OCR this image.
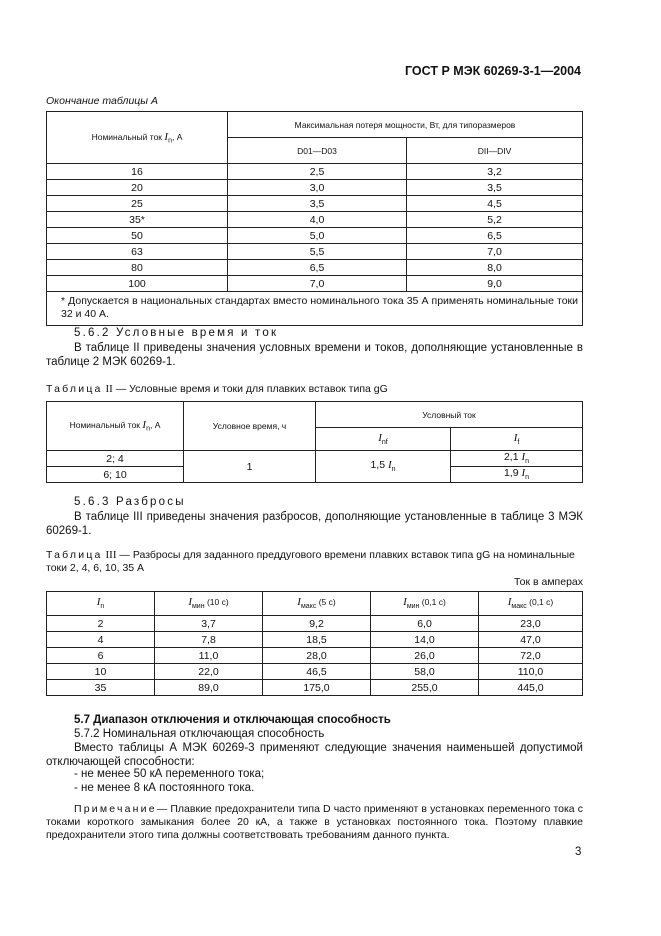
ГОСТ Р МЭК 60269-3-1—2004
Окончание таблицы А
Номинальный ток $I_n$, А	Максимальная потеря мощности, Вт, для типоразмеров	
	D01—D03	DII—DIV
16	2,5	3,2
20	3,0	3,5
25	3,5	4,5
35*	4,0	5,2
50	5,0	6,5
63	5,5	7,0
80	6,5	8,0
100	7,0	9,0
* Допускается в национальных стандартах вместо номинального тока 35 А применять номинальные токи 32 и 40 А.		
5.6.2 Условные время и ток
В таблице II приведены значения условных времени и токов, дополняющие установленные в таблице 2 МЭК 60269-1.
Таблица II — Условные время и токи для плавких вставок типа gG
Номинальный ток $I_n$, А	Условное время, ч	Условный ток	
		$I_{nf}$	$I_f$
2; 4	1	1,5 $I_n$	2,1 $I_n$
6; 10			1,9 $I_n$
5.6.3 Разбросы
В таблице III приведены значения разбросов, дополняющие установленные в таблице 3 МЭК 60269-1.
Таблица III — Разбросы для заданного преддугового времени плавких вставок типа gG на номинальные токи 2, 4, 6, 10, 35 А
Ток в амперах
$I_n$	$I_{мин}$ (10 с)	$I_{макс}$ (5 с)	$I_{мин}$ (0,1 с)	$I_{макс}$ (0,1 с)
2	3,7	9,2	6,0	23,0
4	7,8	18,5	14,0	47,0
6	11,0	28,0	26,0	72,0
10	22,0	46,5	58,0	110,0
35	89,0	175,0	255,0	445,0
5.7 Диапазон отключения и отключающая способность
5.7.2 Номинальная отключающая способность
Вместо таблицы А МЭК 60269-3 применяют следующие значения наименьшей допустимой отключающей способности:
- не менее 50 кА переменного тока;
- не менее 8 кА постоянного тока.
Примечание— Плавкие предохранители типа D часто применяют в установках переменного тока с токами короткого замыкания более 20 кА, а также в установках постоянного тока. Поэтому плавкие предохранители этого типа должны соответствовать требованиям данного пункта.
3
